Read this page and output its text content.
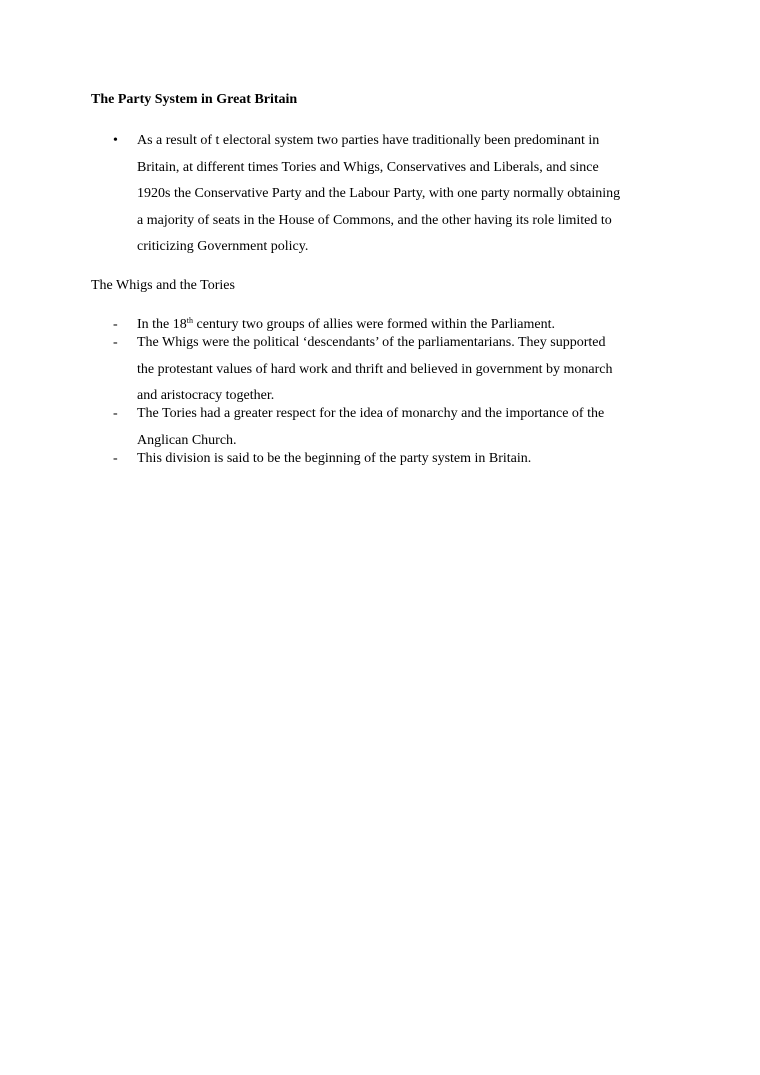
The Party System in Great Britain
• As a result of t electoral system two parties have traditionally been predominant in
Britain, at different times Tories and Whigs, Conservatives and Liberals, and since
1920s the Conservative Party and the Labour Party, with one party normally obtaining
a majority of seats in the House of Commons, and the other having its role limited to
criticizing Government policy.
The Whigs and the Tories
- In the 18th century two groups of allies were formed within the Parliament.
- The Whigs were the political ‘descendants’ of the parliamentarians. They supported
the protestant values of hard work and thrift and believed in government by monarch
and aristocracy together.
- The Tories had a greater respect for the idea of monarchy and the importance of the
Anglican Church.
- This division is said to be the beginning of the party system in Britain.
